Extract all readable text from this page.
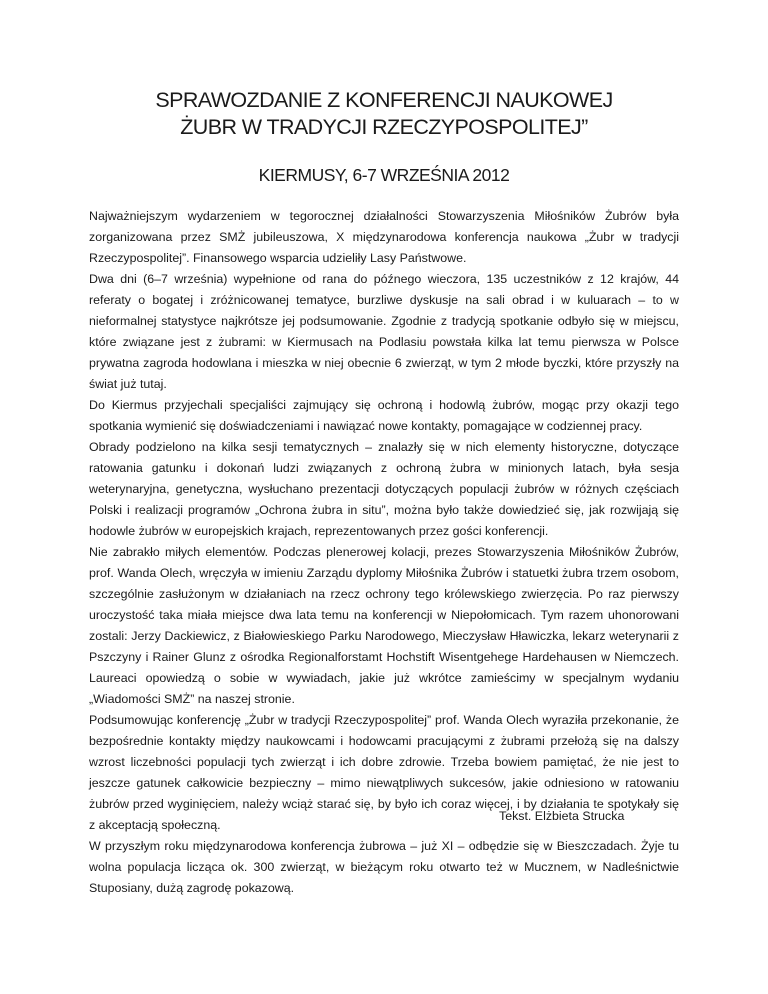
SPRAWOZDANIE Z KONFERENCJI NAUKOWEJ
ŻUBR W TRADYCJI RZECZYPOSPOLITEJ”
KIERMUSY, 6-7 WRZEŚNIA 2012

Najważniejszym wydarzeniem w tegorocznej działalności Stowarzyszenia Miłośników Żubrów była zorganizowana przez SMŻ jubileuszowa, X międzynarodowa konferencja naukowa „Żubr w tradycji Rzeczypospolitej”. Finansowego wsparcia udzieliły Lasy Państwowe.

Dwa dni (6–7 września) wypełnione od rana do późnego wieczora, 135 uczestników z 12 krajów, 44 referaty o bogatej i zróżnicowanej tematyce, burzliwe dyskusje na sali obrad i w kuluarach – to w nieformalnej statystyce najkrótsze jej podsumowanie. Zgodnie z tradycją spotkanie odbyło się w miejscu, które związane jest z żubrami: w Kiermusach na Podlasiu powstała kilka lat temu pierwsza w Polsce prywatna zagroda hodowlana i mieszka w niej obecnie 6 zwierząt, w tym 2 młode byczki, które przyszły na świat już tutaj.

Do Kiermus przyjechali specjaliści zajmujący się ochroną i hodowlą żubrów, mogąc przy okazji tego spotkania wymienić się doświadczeniami i nawiązać nowe kontakty, pomagające w codziennej pracy.

Obrady podzielono na kilka sesji tematycznych – znalazły się w nich elementy historyczne, dotyczące ratowania gatunku i dokonań ludzi związanych z ochroną żubra w minionych latach, była sesja weterynaryjna, genetyczna, wysłuchano prezentacji dotyczących populacji żubrów w różnych częściach Polski i realizacji programów „Ochrona żubra in situ”, można było także dowiedzieć się, jak rozwijają się hodowle żubrów w europejskich krajach, reprezentowanych przez gości konferencji.

Nie zabrakło miłych elementów. Podczas plenerowej kolacji, prezes Stowarzyszenia Miłośników Żubrów, prof. Wanda Olech, wręczyła w imieniu Zarządu dyplomy Miłośnika Żubrów i statuetki żubra trzem osobom, szczególnie zasłużonym w działaniach na rzecz ochrony tego królewskiego zwierzęcia. Po raz pierwszy uroczystość taka miała miejsce dwa lata temu na konferencji w Niepołomicach. Tym razem uhonorowani zostali: Jerzy Dackiewicz, z Białowieskiego Parku Narodowego, Mieczysław Hławiczka, lekarz weterynarii z Pszczyny i Rainer Glunz z ośrodka Regionalforstamt Hochstift Wisentgehege Hardehausen w Niemczech. Laureaci opowiedzą o sobie w wywiadach, jakie już wkrótce zamieścimy w specjalnym wydaniu „Wiadomości SMŻ” na naszej stronie.

Podsumowując konferencję „Żubr w tradycji Rzeczypospolitej” prof. Wanda Olech wyraziła przekonanie, że bezpośrednie kontakty między naukowcami i hodowcami pracującymi z żubrami przełożą się na dalszy wzrost liczebności populacji tych zwierząt i ich dobre zdrowie. Trzeba bowiem pamiętać, że nie jest to jeszcze gatunek całkowicie bezpieczny – mimo niewątpliwych sukcesów, jakie odniesiono w ratowaniu żubrów przed wyginięciem, należy wciąż starać się, by było ich coraz więcej, i by działania te spotykały się z akceptacją społeczną.

W przyszłym roku międzynarodowa konferencja żubrowa – już XI – odbędzie się w Bieszczadach. Żyje tu wolna populacja licząca ok. 300 zwierząt, w bieżącym roku otwarto też w Mucznem, w Nadleśnictwie Stuposiany, dużą zagrodę pokazową.

Tekst. Elżbieta Strucka
